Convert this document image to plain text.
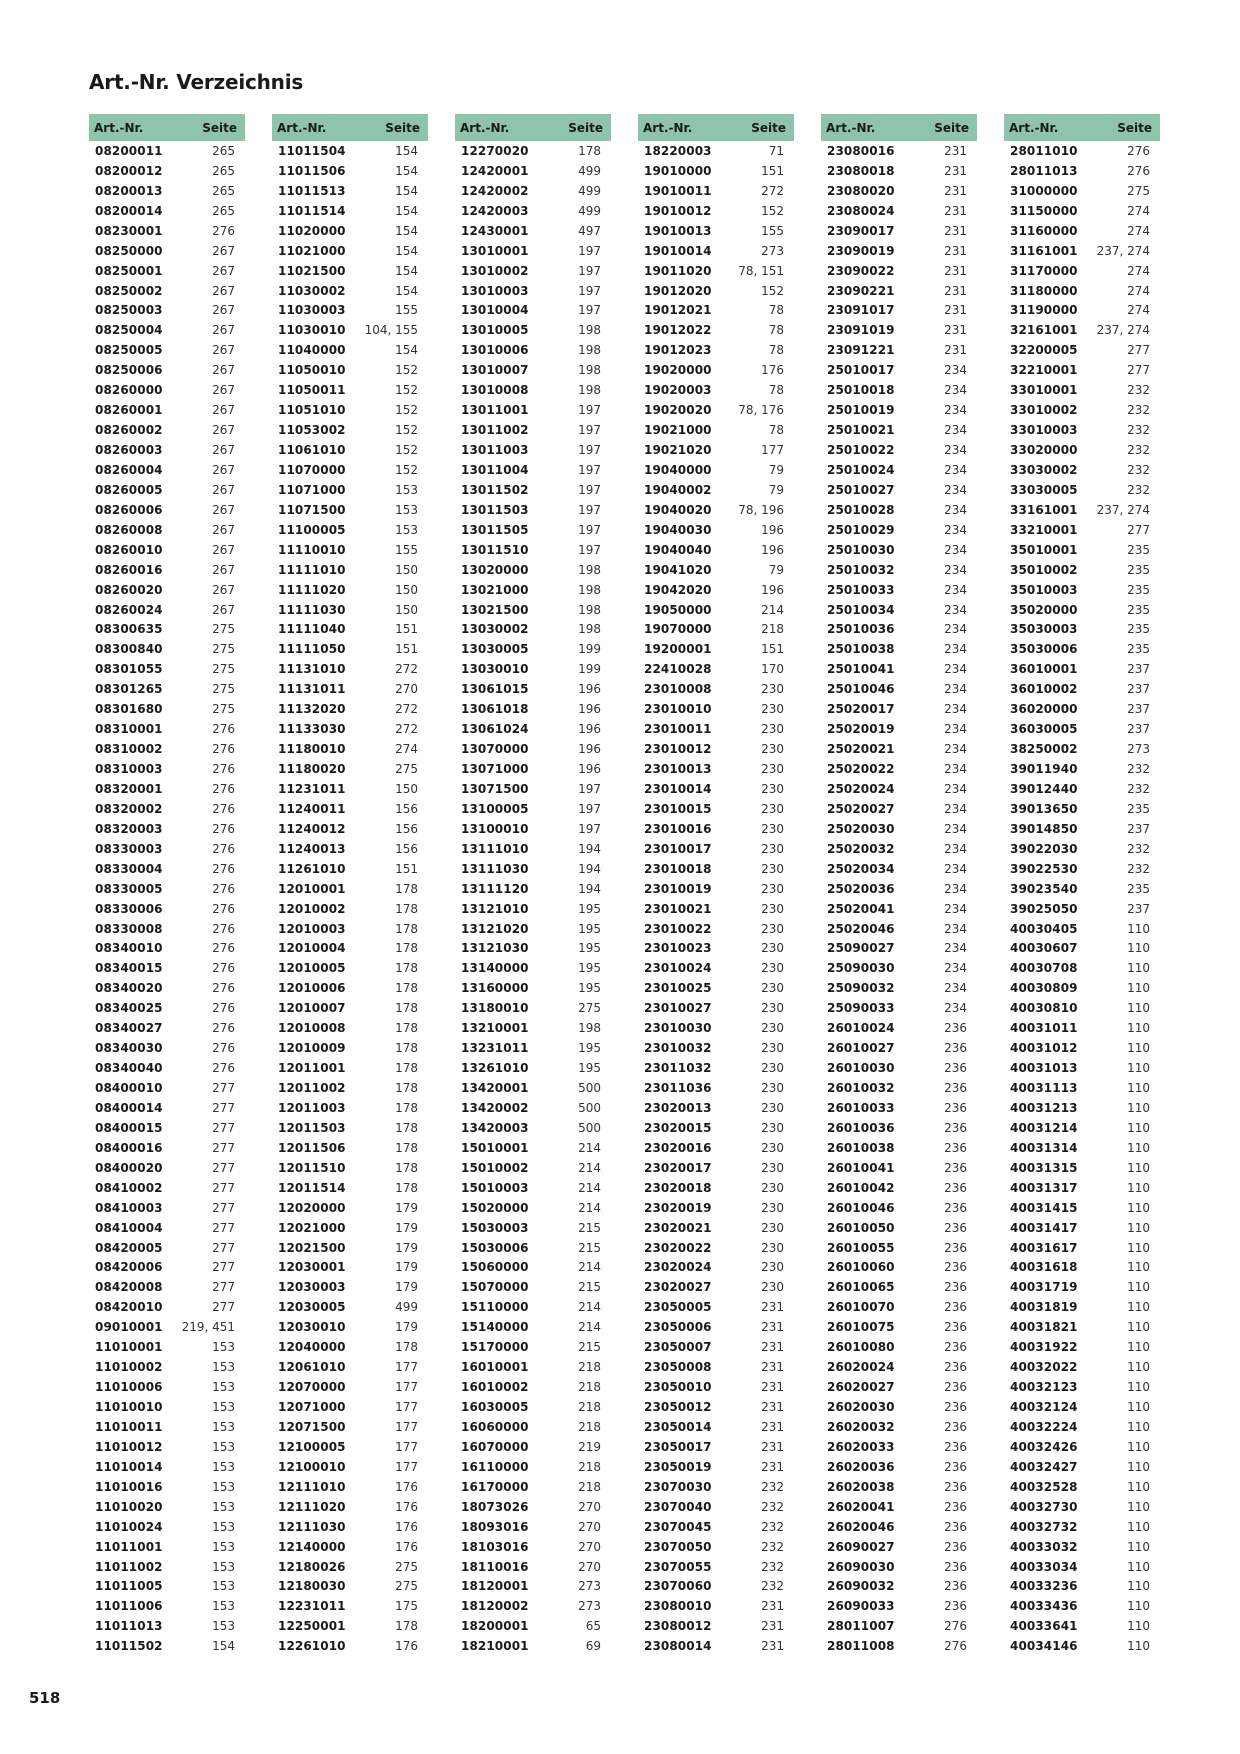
Art.-Nr. Verzeichnis
Art.-Nr.	Seite
08200011	265
08200012	265
08200013	265
08200014	265
08230001	276
08250000	267
08250001	267
08250002	267
08250003	267
08250004	267
08250005	267
08250006	267
08260000	267
08260001	267
08260002	267
08260003	267
08260004	267
08260005	267
08260006	267
08260008	267
08260010	267
08260016	267
08260020	267
08260024	267
08300635	275
08300840	275
08301055	275
08301265	275
08301680	275
08310001	276
08310002	276
08310003	276
08320001	276
08320002	276
08320003	276
08330003	276
08330004	276
08330005	276
08330006	276
08330008	276
08340010	276
08340015	276
08340020	276
08340025	276
08340027	276
08340030	276
08340040	276
08400010	277
08400014	277
08400015	277
08400016	277
08400020	277
08410002	277
08410003	277
08410004	277
08420005	277
08420006	277
08420008	277
08420010	277
09010001 219, 451
11010001	153
11010002	153
11010006	153
11010010	153
11010011	153
11010012	153
11010014	153
11010016	153
11010020	153
11010024	153
11011001	153
11011002	153
11011005	153
11011006	153
11011013	153
11011502	154
Art.-Nr.	Seite
11011504	154
11011506	154
11011513	154
11011514	154
11020000	154
11021000	154
11021500	154
11030002	154
11030003	155
11030010 104, 155
11040000	154
11050010	152
11050011	152
11051010	152
11053002	152
11061010	152
11070000	152
11071000	153
11071500	153
11100005	153
11110010	155
11111010	150
11111020	150
11111030	150
11111040	151
11111050	151
11131010	272
11131011	270
11132020	272
11133030	272
11180010	274
11180020	275
11231011	150
11240011	156
11240012	156
11240013	156
11261010	151
12010001	178
12010002	178
12010003	178
12010004	178
12010005	178
12010006	178
12010007	178
12010008	178
12010009	178
12011001	178
12011002	178
12011003	178
12011503	178
12011506	178
12011510	178
12011514	178
12020000	179
12021000	179
12021500	179
12030001	179
12030003	179
12030005	499
12030010	179
12040000	178
12061010	177
12070000	177
12071000	177
12071500	177
12100005	177
12100010	177
12111010	176
12111020	176
12111030	176
12140000	176
12180026	275
12180030	275
12231011	175
12250001	178
12261010	176
Art.-Nr.	Seite
12270020	178
12420001	499
12420002	499
12420003	499
12430001	497
13010001	197
13010002	197
13010003	197
13010004	197
13010005	198
13010006	198
13010007	198
13010008	198
13011001	197
13011002	197
13011003	197
13011004	197
13011502	197
13011503	197
13011505	197
13011510	197
13020000	198
13021000	198
13021500	198
13030002	198
13030005	199
13030010	199
13061015	196
13061018	196
13061024	196
13070000	196
13071000	196
13071500	197
13100005	197
13100010	197
13111010	194
13111030	194
13111120	194
13121010	195
13121020	195
13121030	195
13140000	195
13160000	195
13180010	275
13210001	198
13231011	195
13261010	195
13420001	500
13420002	500
13420003	500
15010001	214
15010002	214
15010003	214
15020000	214
15030003	215
15030006	215
15060000	214
15070000	215
15110000	214
15140000	214
15170000	215
16010001	218
16010002	218
16030005	218
16060000	218
16070000	219
16110000	218
16170000	218
18073026	270
18093016	270
18103016	270
18110016	270
18120001	273
18120002	273
18200001	65
18210001	69
Art.-Nr.	Seite
18220003	71
19010000	151
19010011	272
19010012	152
19010013	155
19010014	273
19011020 78, 151
19012020	152
19012021	78
19012022	78
19012023	78
19020000	176
19020003	78
19020020 78, 176
19021000	78
19021020	177
19040000	79
19040002	79
19040020 78, 196
19040030	196
19040040	196
19041020	79
19042020	196
19050000	214
19070000	218
19200001	151
22410028	170
23010008	230
23010010	230
23010011	230
23010012	230
23010013	230
23010014	230
23010015	230
23010016	230
23010017	230
23010018	230
23010019	230
23010021	230
23010022	230
23010023	230
23010024	230
23010025	230
23010027	230
23010030	230
23010032	230
23011032	230
23011036	230
23020013	230
23020015	230
23020016	230
23020017	230
23020018	230
23020019	230
23020021	230
23020022	230
23020024	230
23020027	230
23050005	231
23050006	231
23050007	231
23050008	231
23050010	231
23050012	231
23050014	231
23050017	231
23050019	231
23070030	232
23070040	232
23070045	232
23070050	232
23070055	232
23070060	232
23080010	231
23080012	231
23080014	231
Art.-Nr.	Seite
23080016	231
23080018	231
23080020	231
23080024	231
23090017	231
23090019	231
23090022	231
23090221	231
23091017	231
23091019	231
23091221	231
25010017	234
25010018	234
25010019	234
25010021	234
25010022	234
25010024	234
25010027	234
25010028	234
25010029	234
25010030	234
25010032	234
25010033	234
25010034	234
25010036	234
25010038	234
25010041	234
25010046	234
25020017	234
25020019	234
25020021	234
25020022	234
25020024	234
25020027	234
25020030	234
25020032	234
25020034	234
25020036	234
25020041	234
25020046	234
25090027	234
25090030	234
25090032	234
25090033	234
26010024	236
26010027	236
26010030	236
26010032	236
26010033	236
26010036	236
26010038	236
26010041	236
26010042	236
26010046	236
26010050	236
26010055	236
26010060	236
26010065	236
26010070	236
26010075	236
26010080	236
26020024	236
26020027	236
26020030	236
26020032	236
26020033	236
26020036	236
26020038	236
26020041	236
26020046	236
26090027	236
26090030	236
26090032	236
26090033	236
28011007	276
28011008	276
Art.-Nr.	Seite
28011010	276
28011013	276
31000000	275
31150000	274
31160000	274
31161001 237, 274
31170000	274
31180000	274
31190000	274
32161001 237, 274
32200005	277
32210001	277
33010001	232
33010002	232
33010003	232
33020000	232
33030002	232
33030005	232
33161001 237, 274
33210001	277
35010001	235
35010002	235
35010003	235
35020000	235
35030003	235
35030006	235
36010001	237
36010002	237
36020000	237
36030005	237
38250002	273
39011940	232
39012440	232
39013650	235
39014850	237
39022030	232
39022530	232
39023540	235
39025050	237
40030405	110
40030607	110
40030708	110
40030809	110
40030810	110
40031011	110
40031012	110
40031013	110
40031113	110
40031213	110
40031214	110
40031314	110
40031315	110
40031317	110
40031415	110
40031417	110
40031617	110
40031618	110
40031719	110
40031819	110
40031821	110
40031922	110
40032022	110
40032123	110
40032124	110
40032224	110
40032426	110
40032427	110
40032528	110
40032730	110
40032732	110
40033032	110
40033034	110
40033236	110
40033436	110
40033641	110
40034146	110
518
